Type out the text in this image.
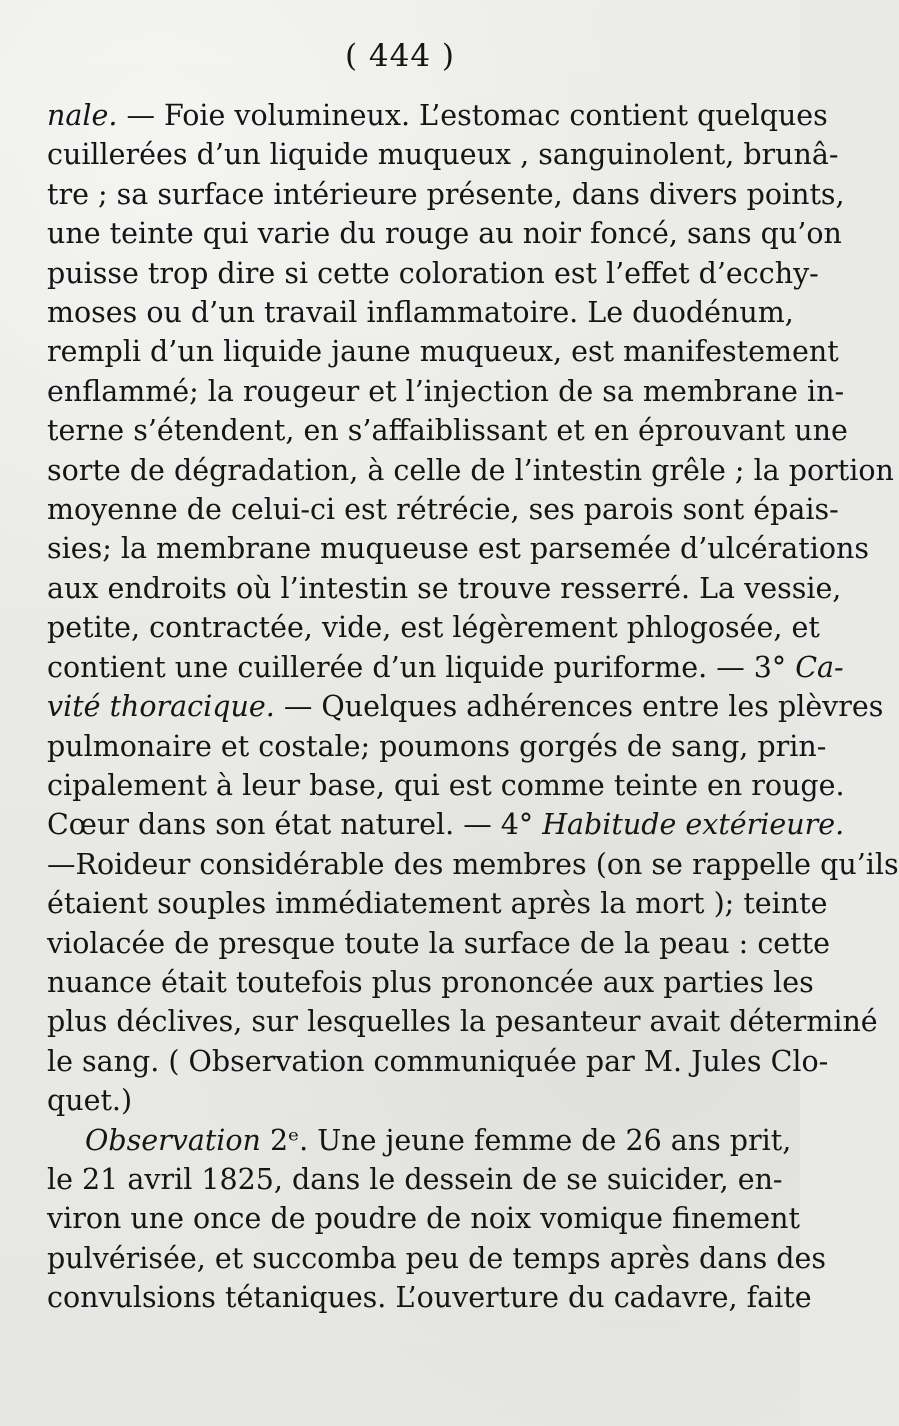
( 444 )
nale. — Foie volumineux. L’estomac contient quelques
cuillerées d’un liquide muqueux , sanguinolent, brunâ-
tre ; sa surface intérieure présente, dans divers points,
une teinte qui varie du rouge au noir foncé, sans qu’on
puisse trop dire si cette coloration est l’effet d’ecchy-
moses ou d’un travail inflammatoire. Le duodénum,
rempli d’un liquide jaune muqueux, est manifestement
enflammé; la rougeur et l’injection de sa membrane in-
terne s’étendent, en s’affaiblissant et en éprouvant une
sorte de dégradation, à celle de l’intestin grêle ; la portion
moyenne de celui-ci est rétrécie, ses parois sont épais-
sies; la membrane muqueuse est parsemée d’ulcérations
aux endroits où l’intestin se trouve resserré. La vessie,
petite, contractée, vide, est légèrement phlogosée, et
contient une cuillerée d’un liquide puriforme. — 3° Ca-
vité thoracique. — Quelques adhérences entre les plèvres
pulmonaire et costale; poumons gorgés de sang, prin-
cipalement à leur base, qui est comme teinte en rouge.
Cœur dans son état naturel. — 4° Habitude extérieure.
—Roideur considérable des membres (on se rappelle qu’ils
étaient souples immédiatement après la mort ); teinte
violacée de presque toute la surface de la peau : cette
nuance était toutefois plus prononcée aux parties les
plus déclives, sur lesquelles la pesanteur avait déterminé
le sang. ( Observation communiquée par M. Jules Clo-
quet.)
Observation 2ᵉ. Une jeune femme de 26 ans prit,
le 21 avril 1825, dans le dessein de se suicider, en-
viron une once de poudre de noix vomique finement
pulvérisée, et succomba peu de temps après dans des
convulsions tétaniques. L’ouverture du cadavre, faite
